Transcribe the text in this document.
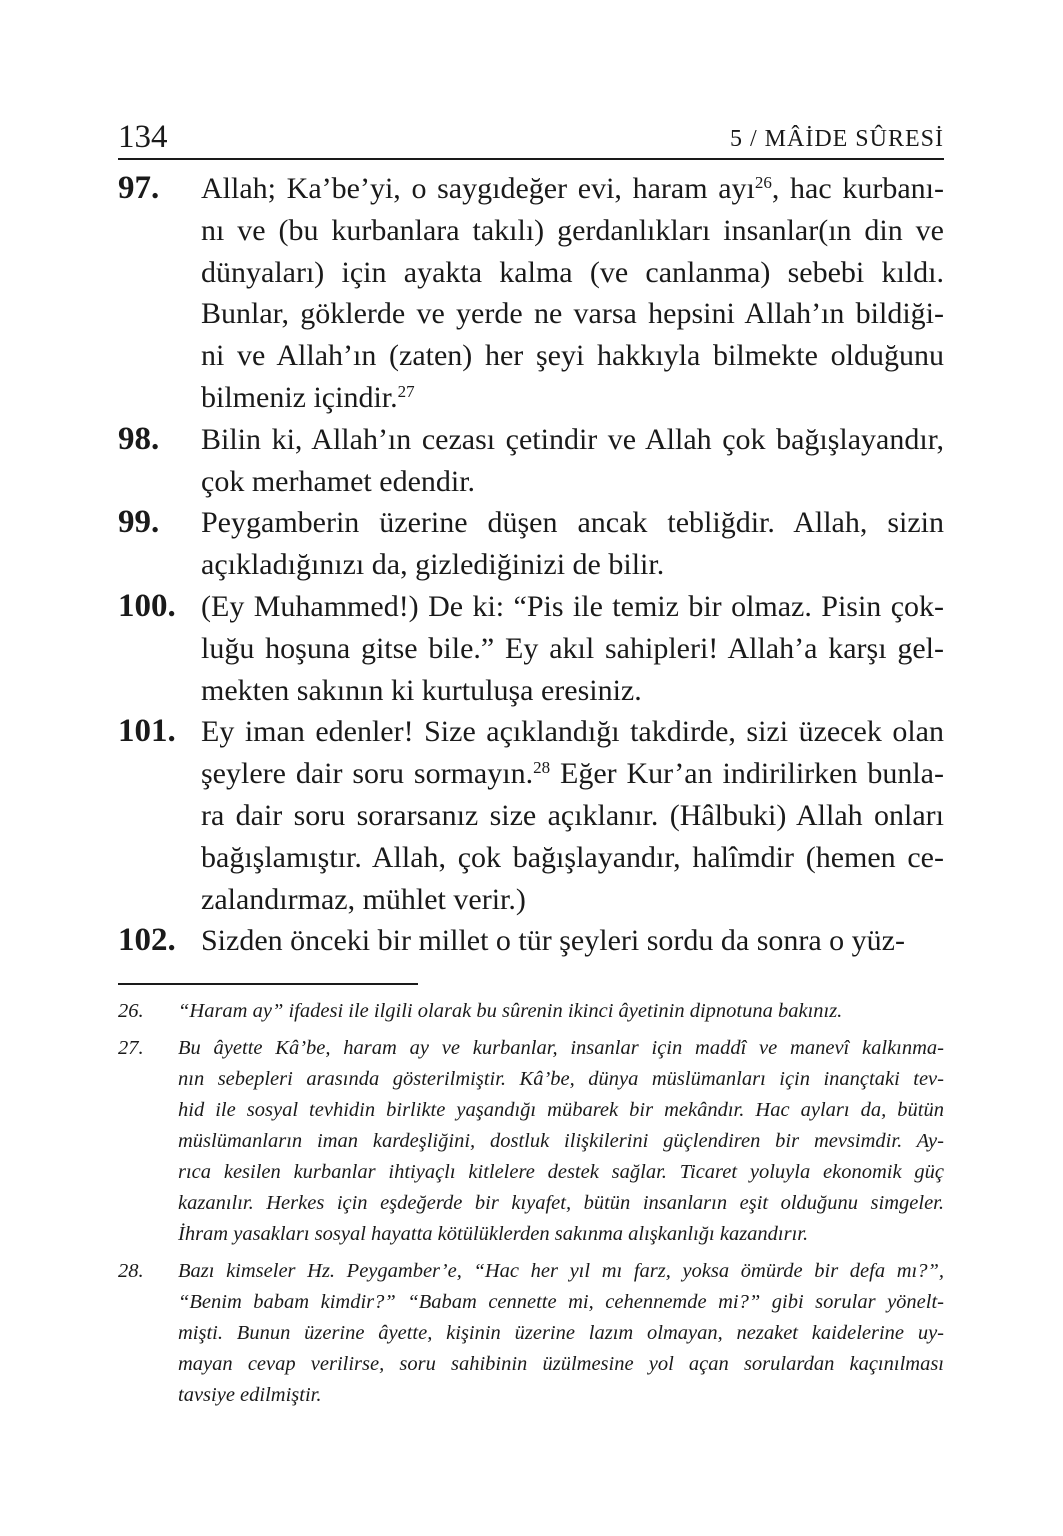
134	5 / MÂİDE SÛRESİ
97. Allah; Ka’be’yi, o saygıdeğer evi, haram ayı$^{26}$, hac kurbanı-
nı ve (bu kurbanlara takılı) gerdanlıkları insanlar(ın din ve
dünyaları) için ayakta kalma (ve canlanma) sebebi kıldı.
Bunlar, göklerde ve yerde ne varsa hepsini Allah’ın bildiği-
ni ve Allah’ın (zaten) her şeyi hakkıyla bilmekte olduğunu
bilmeniz içindir.$^{27}$
98. Bilin ki, Allah’ın cezası çetindir ve Allah çok bağışlayandır,
çok merhamet edendir.
99. Peygamberin üzerine düşen ancak tebliğdir. Allah, sizin
açıkladığınızı da, gizlediğinizi de bilir.
100. (Ey Muhammed!) De ki: “Pis ile temiz bir olmaz. Pisin çok-
luğu hoşuna gitse bile.” Ey akıl sahipleri! Allah’a karşı gel-
mekten sakının ki kurtuluşa eresiniz.
101. Ey iman edenler! Size açıklandığı takdirde, sizi üzecek olan
şeylere dair soru sormayın.$^{28}$ Eğer Kur’an indirilirken bunla-
ra dair soru sorarsanız size açıklanır. (Hâlbuki) Allah onları
bağışlamıştır. Allah, çok bağışlayandır, halîmdir (hemen ce-
zalandırmaz, mühlet verir.)
102. Sizden önceki bir millet o tür şeyleri sordu da sonra o yüz-
26. “Haram ay” ifadesi ile ilgili olarak bu sûrenin ikinci âyetinin dipnotuna bakınız.
27. Bu âyette Kâ’be, haram ay ve kurbanlar, insanlar için maddî ve manevî kalkınma-
nın sebepleri arasında gösterilmiştir. Kâ’be, dünya müslümanları için inançtaki tev-
hid ile sosyal tevhidin birlikte yaşandığı mübarek bir mekândır. Hac ayları da, bütün
müslümanların iman kardeşliğini, dostluk ilişkilerini güçlendiren bir mevsimdir. Ay-
rıca kesilen kurbanlar ihtiyaçlı kitlelere destek sağlar. Ticaret yoluyla ekonomik güç
kazanılır. Herkes için eşdeğerde bir kıyafet, bütün insanların eşit olduğunu simgeler.
İhram yasakları sosyal hayatta kötülüklerden sakınma alışkanlığı kazandırır.
28. Bazı kimseler Hz. Peygamber’e, “Hac her yıl mı farz, yoksa ömürde bir defa mı?”,
“Benim babam kimdir?” “Babam cennette mi, cehennemde mi?” gibi sorular yönelt-
mişti. Bunun üzerine âyette, kişinin üzerine lazım olmayan, nezaket kaidelerine uy-
mayan cevap verilirse, soru sahibinin üzülmesine yol açan sorulardan kaçınılması
tavsiye edilmiştir.
